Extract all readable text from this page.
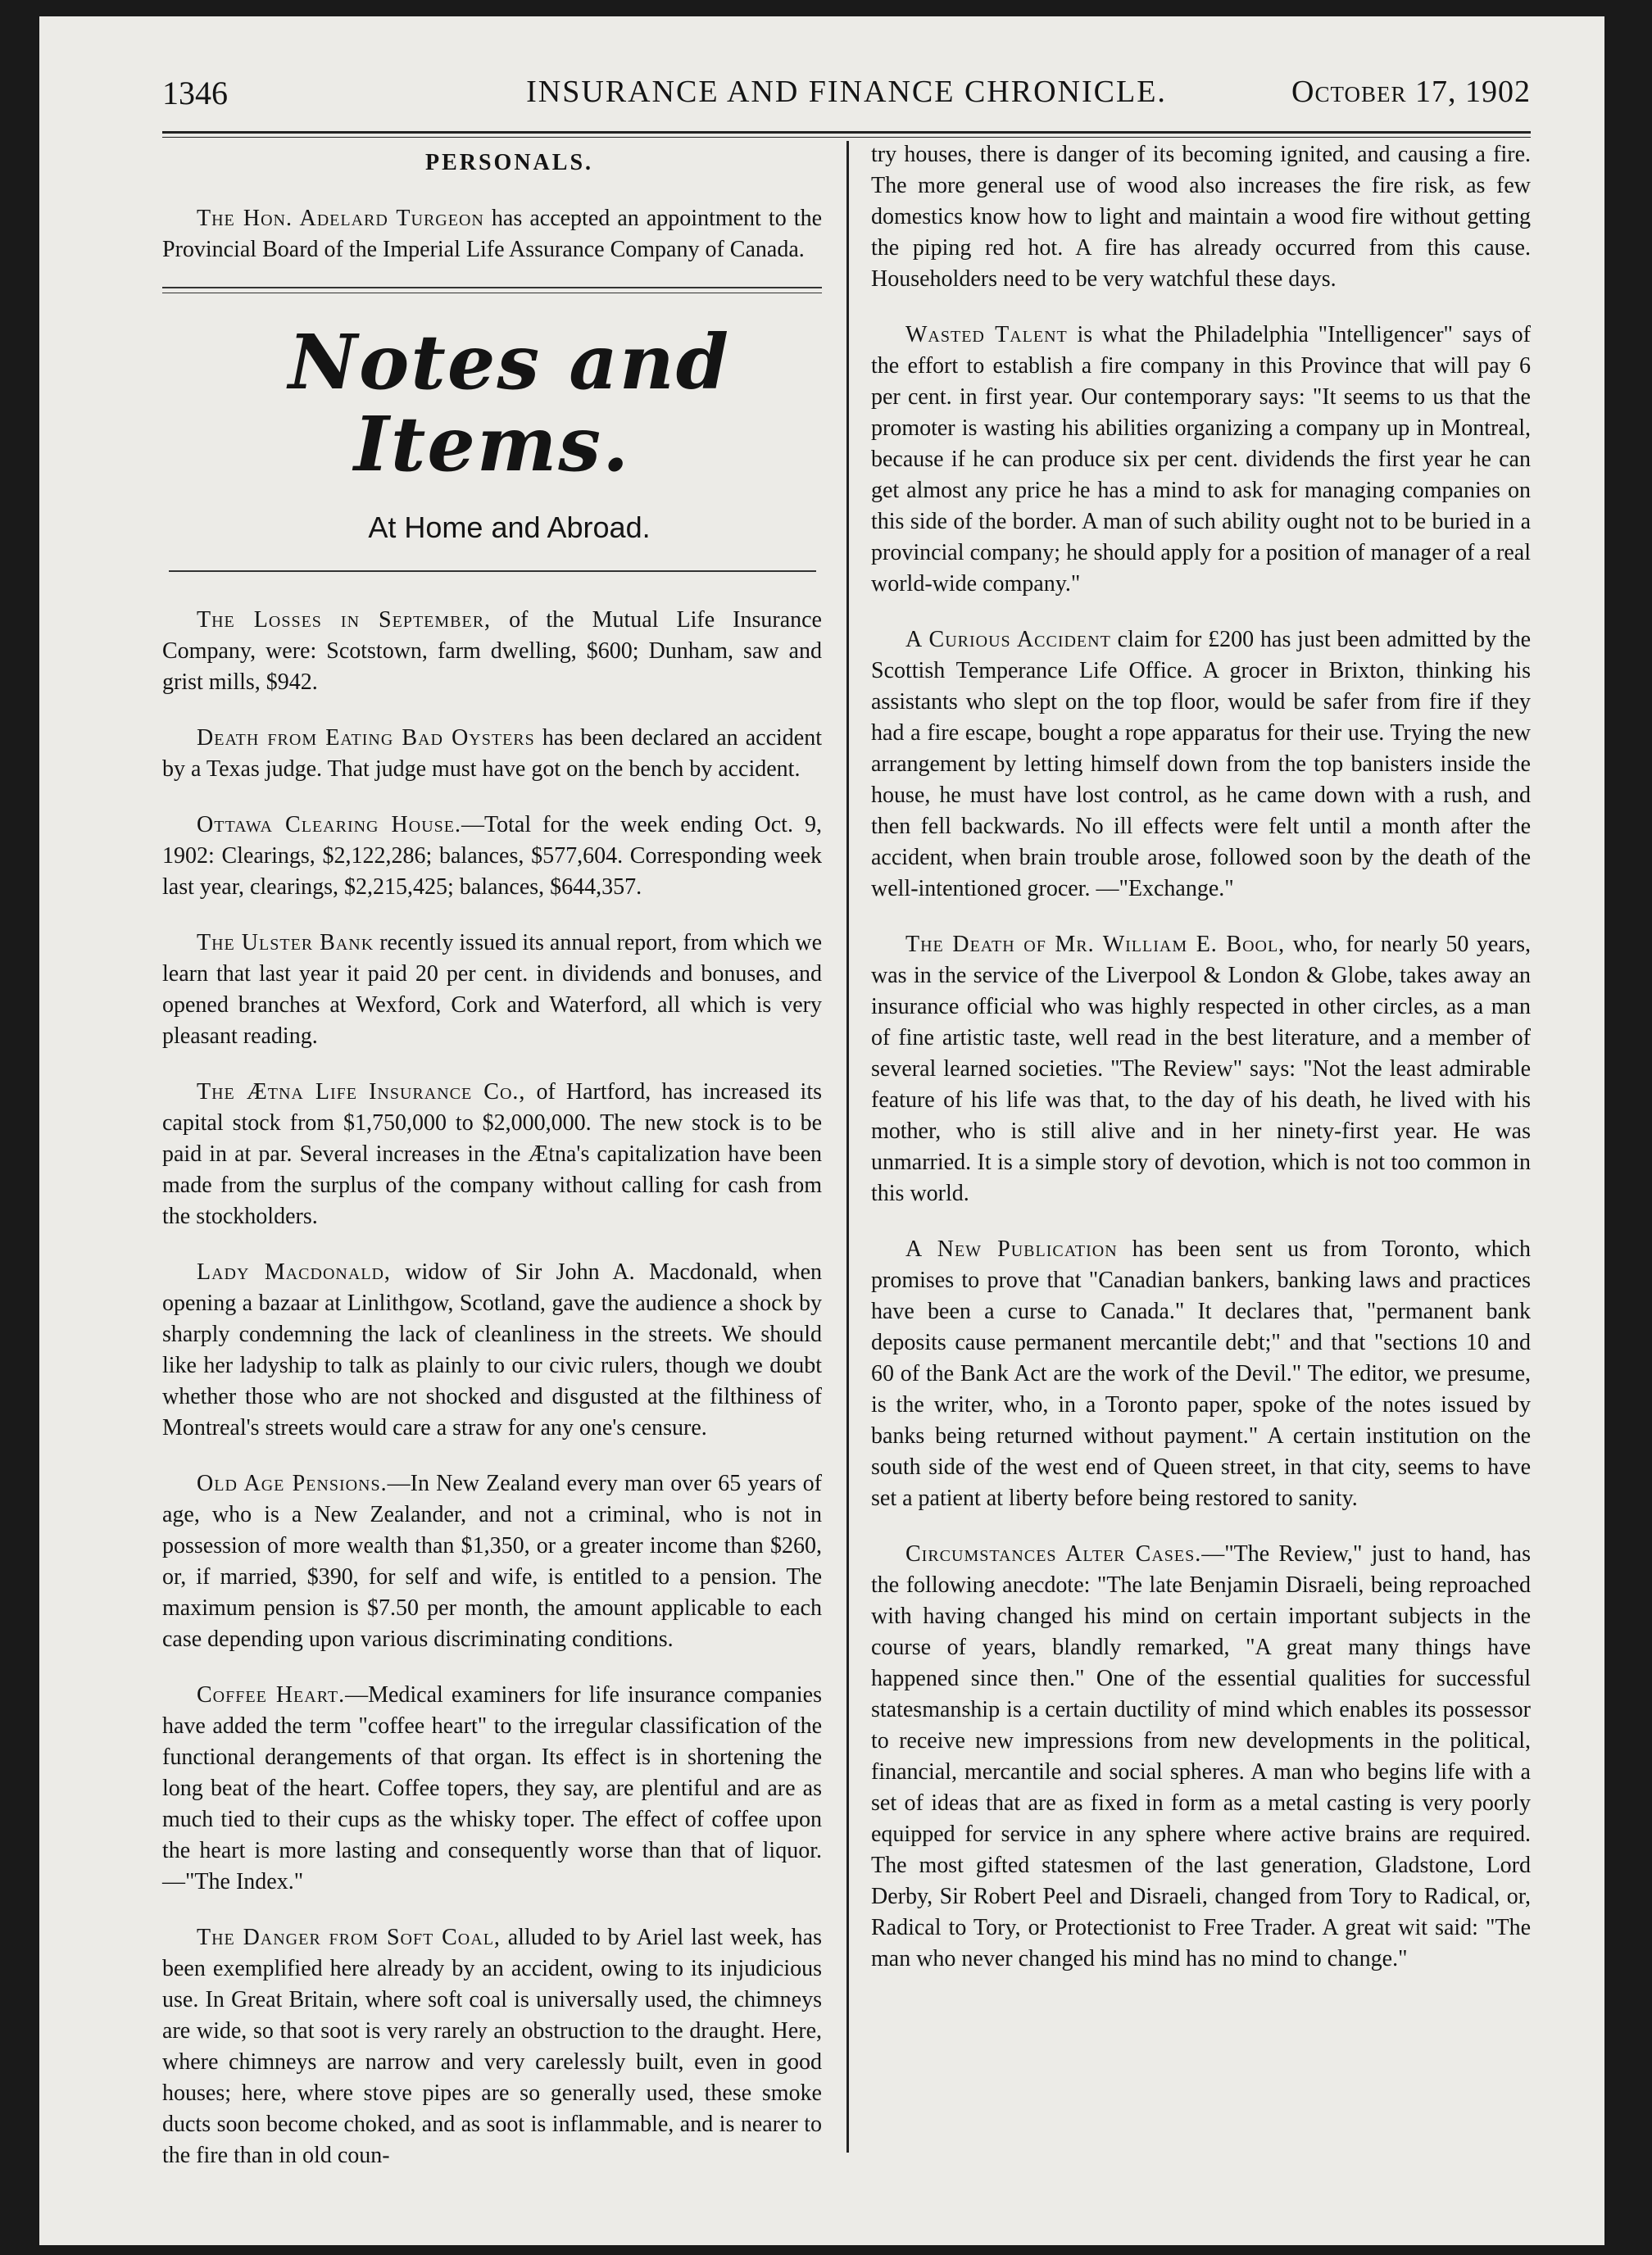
1346	INSURANCE AND FINANCE CHRONICLE.	October 17, 1902

PERSONALS.

The Hon. Adelard Turgeon has accepted an appointment to the Provincial Board of the Imperial Life Assurance Company of Canada.

Notes and Items.

At Home and Abroad.

The Losses in September, of the Mutual Life Insurance Company, were: Scotstown, farm dwelling, $600; Dunham, saw and grist mills, $942.

Death from Eating Bad Oysters has been declared an accident by a Texas judge. That judge must have got on the bench by accident.

Ottawa Clearing House.—Total for the week ending Oct. 9, 1902: Clearings, $2,122,286; balances, $577,604. Corresponding week last year, clearings, $2,215,425; balances, $644,357.

The Ulster Bank recently issued its annual report, from which we learn that last year it paid 20 per cent. in dividends and bonuses, and opened branches at Wexford, Cork and Waterford, all which is very pleasant reading.

The Ætna Life Insurance Co., of Hartford, has increased its capital stock from $1,750,000 to $2,000,000. The new stock is to be paid in at par. Several increases in the Ætna's capitalization have been made from the surplus of the company without calling for cash from the stockholders.

Lady Macdonald, widow of Sir John A. Macdonald, when opening a bazaar at Linlithgow, Scotland, gave the audience a shock by sharply condemning the lack of cleanliness in the streets. We should like her ladyship to talk as plainly to our civic rulers, though we doubt whether those who are not shocked and disgusted at the filthiness of Montreal's streets would care a straw for any one's censure.

Old Age Pensions.—In New Zealand every man over 65 years of age, who is a New Zealander, and not a criminal, who is not in possession of more wealth than $1,350, or a greater income than $260, or, if married, $390, for self and wife, is entitled to a pension. The maximum pension is $7.50 per month, the amount applicable to each case depending upon various discriminating conditions.

Coffee Heart.—Medical examiners for life insurance companies have added the term "coffee heart" to the irregular classification of the functional derangements of that organ. Its effect is in shortening the long beat of the heart. Coffee topers, they say, are plentiful and are as much tied to their cups as the whisky toper. The effect of coffee upon the heart is more lasting and consequently worse than that of liquor.—"The Index."

The Danger from Soft Coal, alluded to by Ariel last week, has been exemplified here already by an accident, owing to its injudicious use. In Great Britain, where soft coal is universally used, the chimneys are wide, so that soot is very rarely an obstruction to the draught. Here, where chimneys are narrow and very carelessly built, even in good houses; here, where stove pipes are so generally used, these smoke ducts soon become choked, and as soot is inflammable, and is nearer to the fire than in old coun-

try houses, there is danger of its becoming ignited, and causing a fire. The more general use of wood also increases the fire risk, as few domestics know how to light and maintain a wood fire without getting the piping red hot. A fire has already occurred from this cause. Householders need to be very watchful these days.

Wasted Talent is what the Philadelphia "Intelligencer" says of the effort to establish a fire company in this Province that will pay 6 per cent. in first year. Our contemporary says: "It seems to us that the promoter is wasting his abilities organizing a company up in Montreal, because if he can produce six per cent. dividends the first year he can get almost any price he has a mind to ask for managing companies on this side of the border. A man of such ability ought not to be buried in a provincial company; he should apply for a position of manager of a real world-wide company."

A Curious Accident claim for £200 has just been admitted by the Scottish Temperance Life Office. A grocer in Brixton, thinking his assistants who slept on the top floor, would be safer from fire if they had a fire escape, bought a rope apparatus for their use. Trying the new arrangement by letting himself down from the top banisters inside the house, he must have lost control, as he came down with a rush, and then fell backwards. No ill effects were felt until a month after the accident, when brain trouble arose, followed soon by the death of the well-intentioned grocer. —"Exchange."

The Death of Mr. William E. Bool, who, for nearly 50 years, was in the service of the Liverpool & London & Globe, takes away an insurance official who was highly respected in other circles, as a man of fine artistic taste, well read in the best literature, and a member of several learned societies. "The Review" says: "Not the least admirable feature of his life was that, to the day of his death, he lived with his mother, who is still alive and in her ninety-first year. He was unmarried. It is a simple story of devotion, which is not too common in this world.

A New Publication has been sent us from Toronto, which promises to prove that "Canadian bankers, banking laws and practices have been a curse to Canada." It declares that, "permanent bank deposits cause permanent mercantile debt;" and that "sections 10 and 60 of the Bank Act are the work of the Devil." The editor, we presume, is the writer, who, in a Toronto paper, spoke of the notes issued by banks being returned without payment." A certain institution on the south side of the west end of Queen street, in that city, seems to have set a patient at liberty before being restored to sanity.

Circumstances Alter Cases.—"The Review," just to hand, has the following anecdote: "The late Benjamin Disraeli, being reproached with having changed his mind on certain important subjects in the course of years, blandly remarked, "A great many things have happened since then." One of the essential qualities for successful statesmanship is a certain ductility of mind which enables its possessor to receive new impressions from new developments in the political, financial, mercantile and social spheres. A man who begins life with a set of ideas that are as fixed in form as a metal casting is very poorly equipped for service in any sphere where active brains are required. The most gifted statesmen of the last generation, Gladstone, Lord Derby, Sir Robert Peel and Disraeli, changed from Tory to Radical, or, Radical to Tory, or Protectionist to Free Trader. A great wit said: "The man who never changed his mind has no mind to change."
